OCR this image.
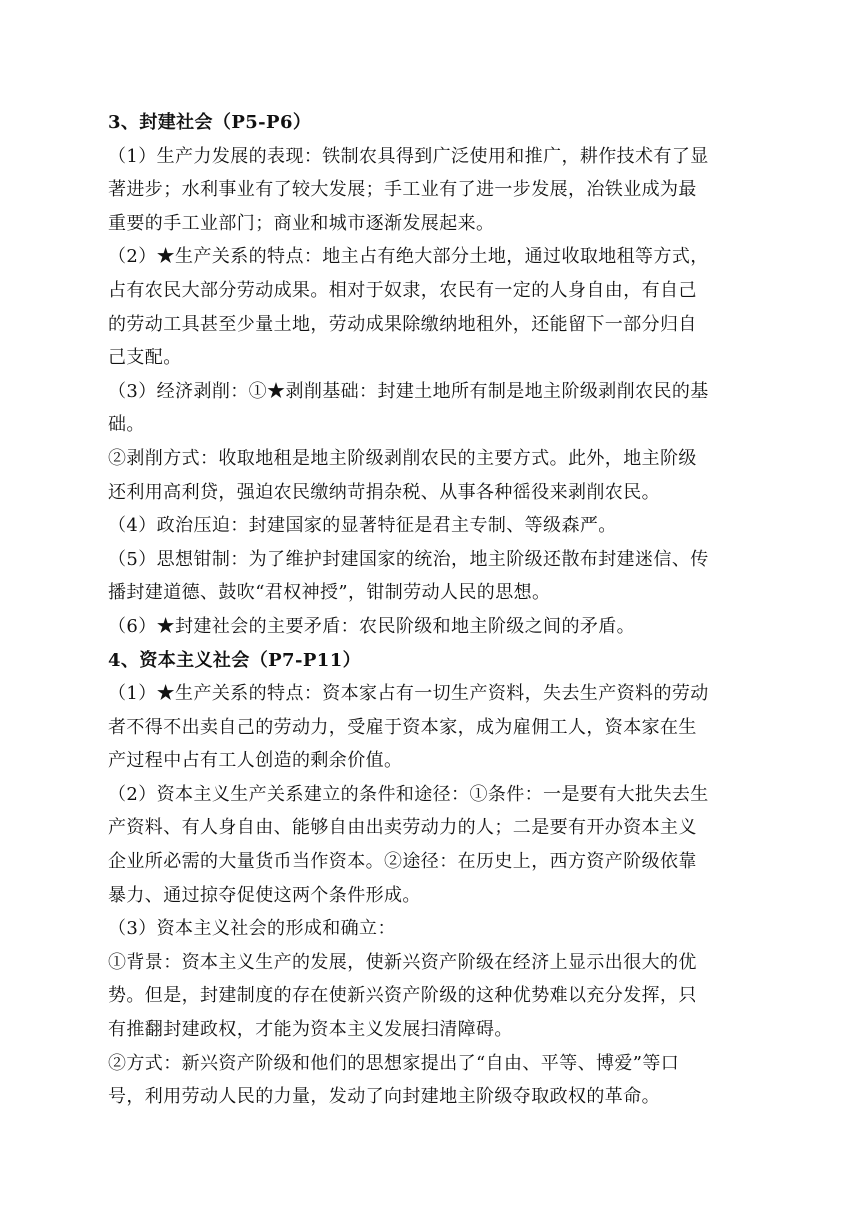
3、封建社会（P5-P6）
（1）生产力发展的表现：铁制农具得到广泛使用和推广，耕作技术有了显
著进步；水利事业有了较大发展；手工业有了进一步发展，冶铁业成为最
重要的手工业部门；商业和城市逐渐发展起来。
（2）★生产关系的特点：地主占有绝大部分土地，通过收取地租等方式，
占有农民大部分劳动成果。相对于奴隶，农民有一定的人身自由，有自己
的劳动工具甚至少量土地，劳动成果除缴纳地租外，还能留下一部分归自
己支配。
（3）经济剥削：①★剥削基础：封建土地所有制是地主阶级剥削农民的基
础。
②剥削方式：收取地租是地主阶级剥削农民的主要方式。此外，地主阶级
还利用高利贷，强迫农民缴纳苛捐杂税、从事各种徭役来剥削农民。
（4）政治压迫：封建国家的显著特征是君主专制、等级森严。
（5）思想钳制：为了维护封建国家的统治，地主阶级还散布封建迷信、传
播封建道德、鼓吹“君权神授”，钳制劳动人民的思想。
（6）★封建社会的主要矛盾：农民阶级和地主阶级之间的矛盾。
4、资本主义社会（P7-P11）
（1）★生产关系的特点：资本家占有一切生产资料，失去生产资料的劳动
者不得不出卖自己的劳动力，受雇于资本家，成为雇佣工人，资本家在生
产过程中占有工人创造的剩余价值。
（2）资本主义生产关系建立的条件和途径：①条件：一是要有大批失去生
产资料、有人身自由、能够自由出卖劳动力的人；二是要有开办资本主义
企业所必需的大量货币当作资本。②途径：在历史上，西方资产阶级依靠
暴力、通过掠夺促使这两个条件形成。
（3）资本主义社会的形成和确立：
①背景：资本主义生产的发展，使新兴资产阶级在经济上显示出很大的优
势。但是，封建制度的存在使新兴资产阶级的这种优势难以充分发挥，只
有推翻封建政权，才能为资本主义发展扫清障碍。
②方式：新兴资产阶级和他们的思想家提出了“自由、平等、博爱”等口
号，利用劳动人民的力量，发动了向封建地主阶级夺取政权的革命。
